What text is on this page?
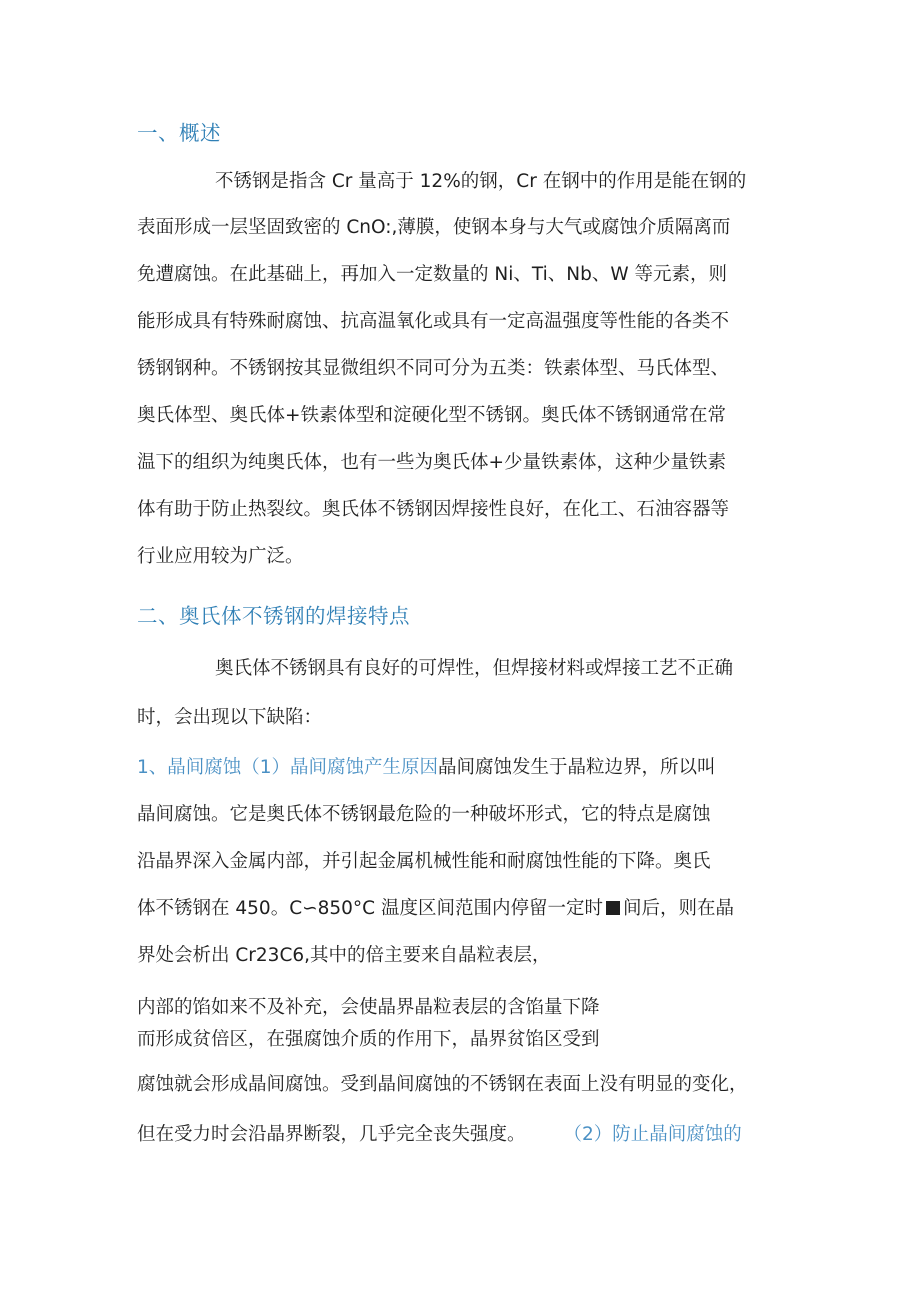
一、概述
不锈钢是指含 Cr 量高于 12%的钢，Cr 在钢中的作用是能在钢的
表面形成一层坚固致密的 CnO:,薄膜，使钢本身与大气或腐蚀介质隔离而
免遭腐蚀。在此基础上，再加入一定数量的 Ni、Ti、Nb、W 等元素，则
能形成具有特殊耐腐蚀、抗高温氧化或具有一定高温强度等性能的各类不
锈钢钢种。不锈钢按其显微组织不同可分为五类：铁素体型、马氏体型、
奥氏体型、奥氏体+铁素体型和淀硬化型不锈钢。奥氏体不锈钢通常在常
温下的组织为纯奥氏体，也有一些为奥氏体+少量铁素体，这种少量铁素
体有助于防止热裂纹。奥氏体不锈钢因焊接性良好，在化工、石油容器等
行业应用较为广泛。
二、奥氏体不锈钢的焊接特点
奥氏体不锈钢具有良好的可焊性，但焊接材料或焊接工艺不正确
时，会出现以下缺陷：
1、晶间腐蚀（1）晶间腐蚀产生原因晶间腐蚀发生于晶粒边界，所以叫
晶间腐蚀。它是奥氏体不锈钢最危险的一种破坏形式，它的特点是腐蚀
沿晶界深入金属内部，并引起金属机械性能和耐腐蚀性能的下降。奥氏
体不锈钢在 450。C∽850°C 温度区间范围内停留一定时 间后，则在晶
界处会析出 Cr23C6,其中的倍主要来自晶粒表层，
内部的馅如来不及补充，会使晶界晶粒表层的含馅量下降
而形成贫倍区，在强腐蚀介质的作用下，晶界贫馅区受到
腐蚀就会形成晶间腐蚀。受到晶间腐蚀的不锈钢在表面上没有明显的变化，
但在受力时会沿晶界断裂，几乎完全丧失强度。 （2）防止晶间腐蚀的
